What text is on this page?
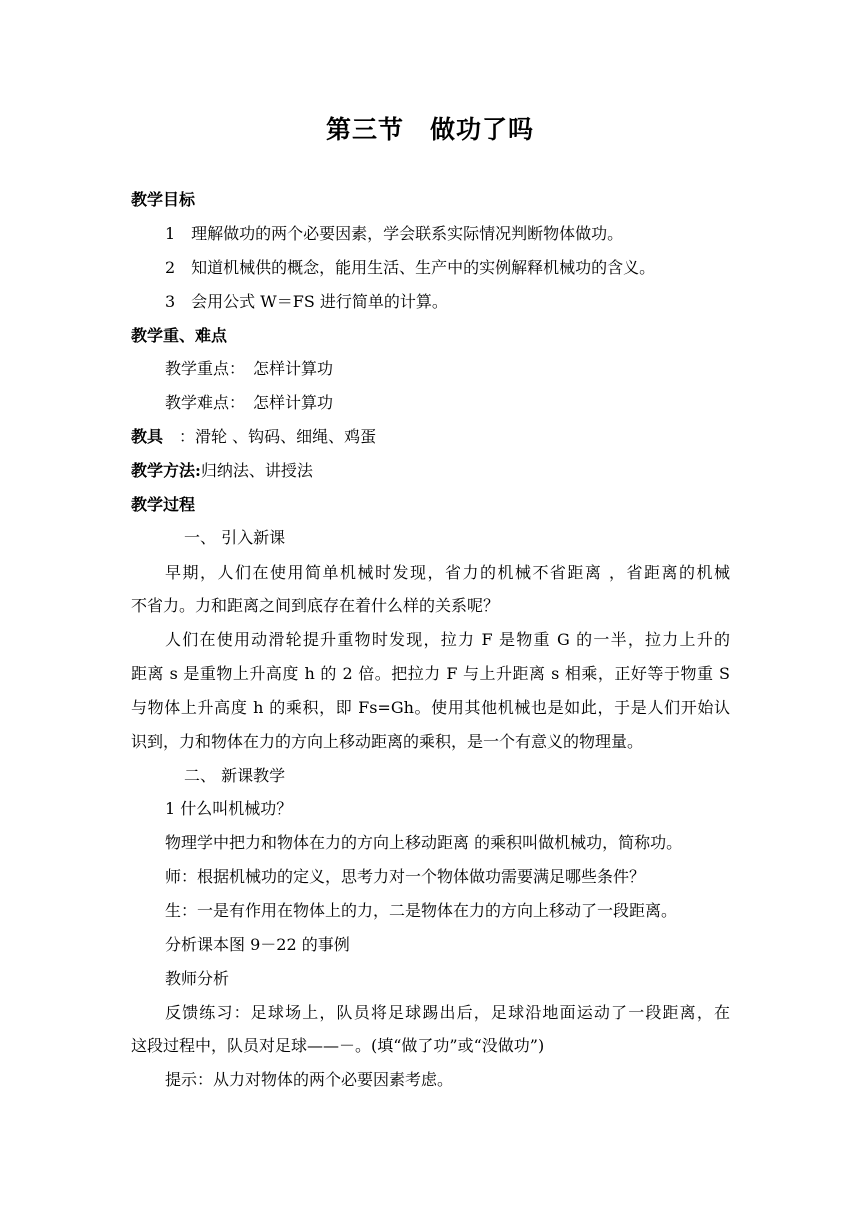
第三节　做功了吗
教学目标
1　理解做功的两个必要因素，学会联系实际情况判断物体做功。
2　知道机械供的概念，能用生活、生产中的实例解释机械功的含义。
3　会用公式 W＝FS 进行简单的计算。
教学重、难点
教学重点：　怎样计算功
教学难点：　怎样计算功
教具　：滑轮 、钩码、细绳、鸡蛋
教学方法:归纳法、讲授法
教学过程
一、 引入新课
早期，人们在使用简单机械时发现，省力的机械不省距离 ，省距离的机械
不省力。力和距离之间到底存在着什么样的关系呢？
人们在使用动滑轮提升重物时发现，拉力 F 是物重 G 的一半，拉力上升的
距离 s 是重物上升高度 h 的 2 倍。把拉力 F 与上升距离 s 相乘，正好等于物重 S
与物体上升高度 h 的乘积，即 Fs=Gh。使用其他机械也是如此，于是人们开始认
识到，力和物体在力的方向上移动距离的乘积，是一个有意义的物理量。
二、 新课教学
1 什么叫机械功？
物理学中把力和物体在力的方向上移动距离 的乘积叫做机械功，简称功。
师：根据机械功的定义，思考力对一个物体做功需要满足哪些条件？
生：一是有作用在物体上的力，二是物体在力的方向上移动了一段距离。
分析课本图 9－22 的事例
教师分析
反馈练习：足球场上，队员将足球踢出后，足球沿地面运动了一段距离，在
这段过程中，队员对足球——－。(填“做了功”或“没做功”)
提示：从力对物体的两个必要因素考虑。
